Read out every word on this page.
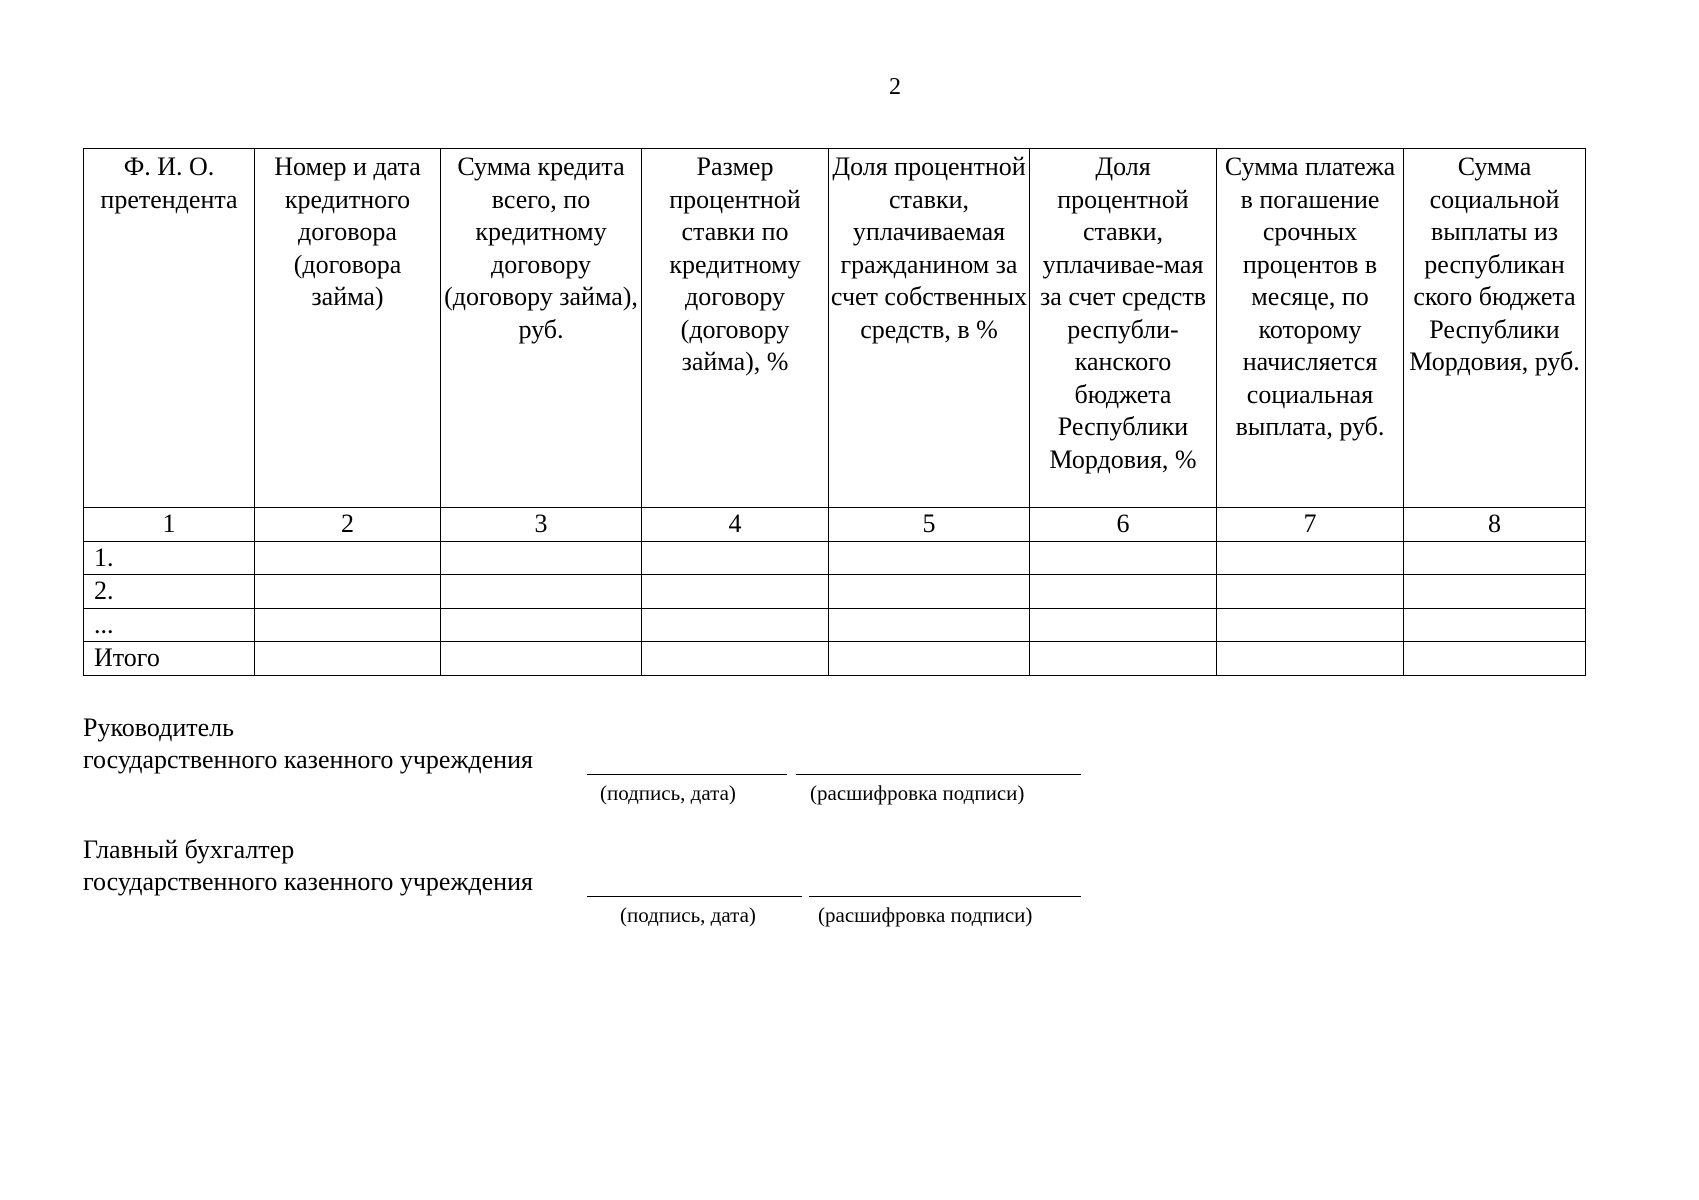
2
Ф. И. О. претендента	Номер и дата кредитного договора (договора займа)	Сумма кредита всего, по кредитному договору (договору займа), руб.	Размер процентной ставки по кредитному договору (договору займа), %	Доля процентной ставки, уплачиваемая гражданином за счет собственных средств, в %	Доля процентной ставки, уплачивае-мая за счет средств республи-канского бюджета Республики Мордовия, %	Сумма платежа в погашение срочных процентов в месяце, по которому начисляется социальная выплата, руб.	Сумма социальной выплаты из республикан ского бюджета Республики Мордовия, руб.
1	2	3	4	5	6	7	8
1.							
2.							
...							
Итого							
Руководитель
государственного казенного учреждения
(подпись, дата)	(расшифровка подписи)
Главный бухгалтер
государственного казенного учреждения
(подпись, дата)	(расшифровка подписи)
